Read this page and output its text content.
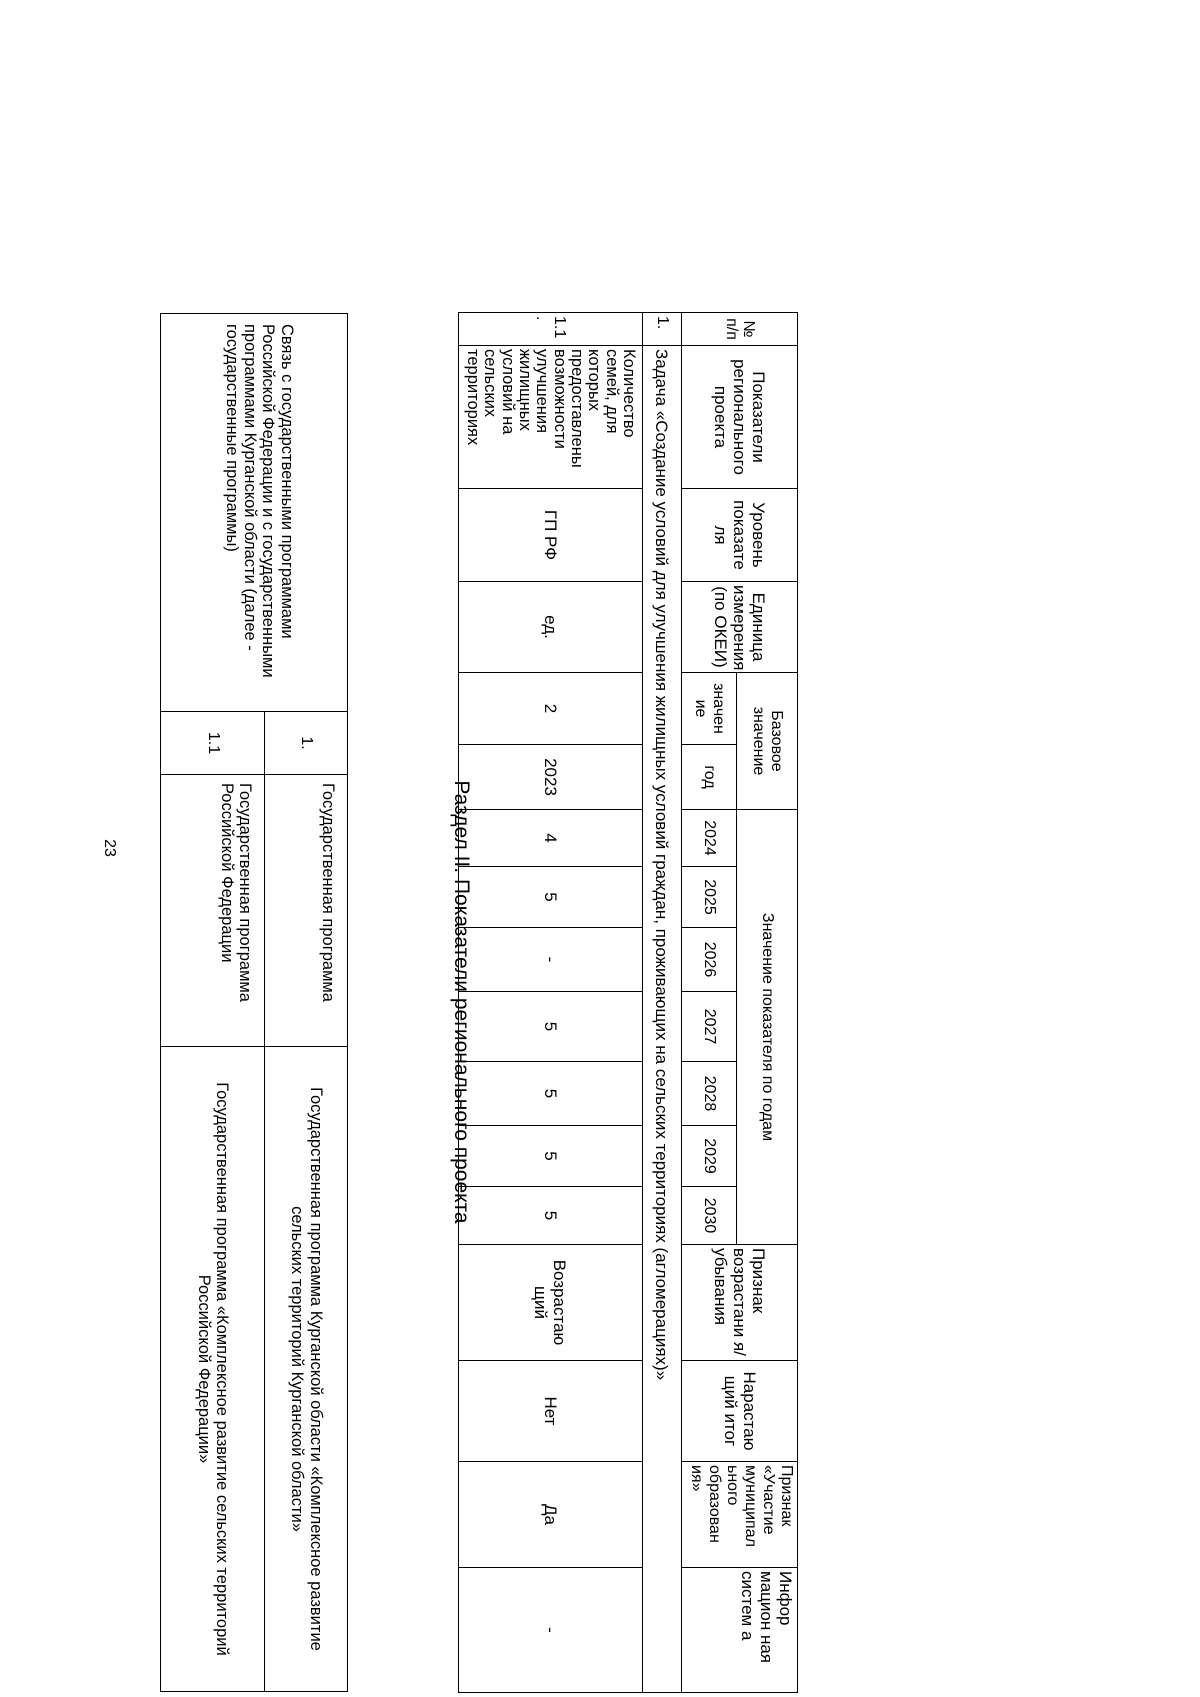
23
Связь с государственными программами Российской Федерации и с государственными программами Курганской области (далее - государственные программы)	1.	Государственная программа	Государственная программа Курганской области «Комплексное развитие сельских территорий Курганской области»
	1.1	Государственная программа Российской Федерации	Государственная программа «Комплексное развитие сельских территорий Российской Федерации»
Раздел II. Показатели регионального проекта
№ п/п	Показатели регионального проекта	Уровень показате ля	Единица измерения (по ОКЕИ)	Базовое значение		Значение показателя по годам							Признак возрастани я/ убывания	Нарастаю щий итог	Признак «Участие муниципал ьного образован ия»	Инфор мацион ная систем а
				значен ие	год	2024	2025	2026	2027	2028	2029	2030				
1.	Задача «Создание условий для улучшения жилищных условий граждан, проживающих на сельских территориях (агломерациях)»															
1.1 .	Количество семей, для которых предоставлены возможности улучшения жилищных условий на сельских территориях	ГП РФ	ед.	2	2023	4	5	-	5	5	5	5	Возрастаю щий	Нет	Да	-
